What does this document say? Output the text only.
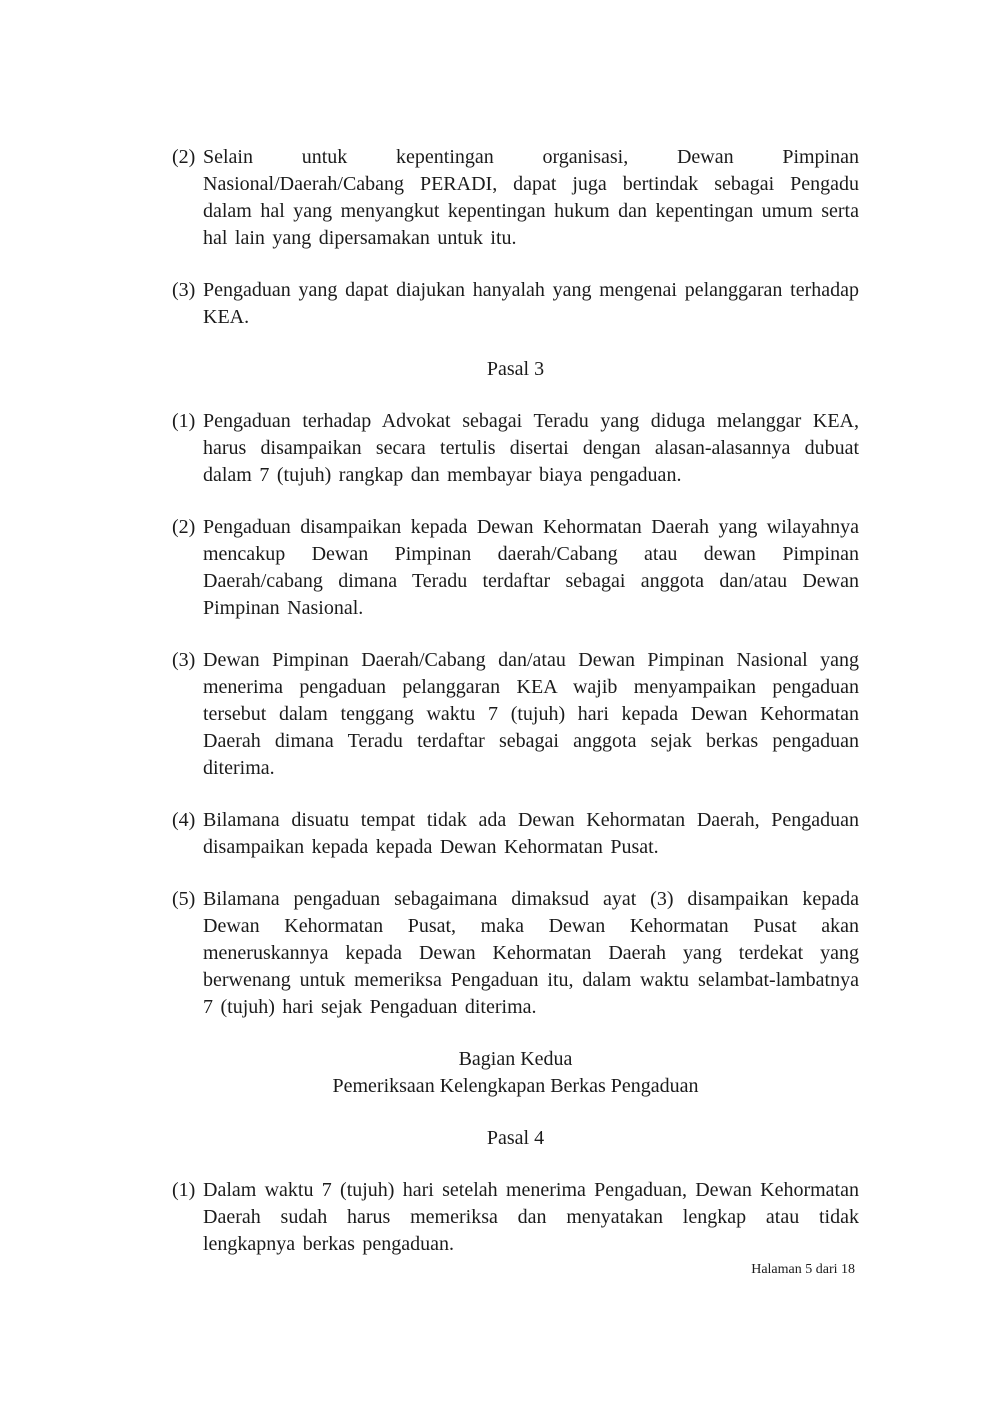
(2) Selain untuk kepentingan organisasi, Dewan Pimpinan Nasional/Daerah/Cabang PERADI, dapat juga bertindak sebagai Pengadu dalam hal yang menyangkut kepentingan hukum dan kepentingan umum serta hal lain yang dipersamakan untuk itu.
(3) Pengaduan yang dapat diajukan hanyalah yang mengenai pelanggaran terhadap KEA.
Pasal 3
(1) Pengaduan terhadap Advokat sebagai Teradu yang diduga melanggar KEA, harus disampaikan secara tertulis disertai dengan alasan-alasannya dubuat dalam 7 (tujuh) rangkap dan membayar biaya pengaduan.
(2) Pengaduan disampaikan kepada Dewan Kehormatan Daerah yang wilayahnya mencakup Dewan Pimpinan daerah/Cabang atau dewan Pimpinan Daerah/cabang dimana Teradu terdaftar sebagai anggota dan/atau Dewan Pimpinan Nasional.
(3) Dewan Pimpinan Daerah/Cabang dan/atau Dewan Pimpinan Nasional yang menerima pengaduan pelanggaran KEA wajib menyampaikan pengaduan tersebut dalam tenggang waktu 7 (tujuh) hari kepada Dewan Kehormatan Daerah dimana Teradu terdaftar sebagai anggota sejak berkas pengaduan diterima.
(4) Bilamana disuatu tempat tidak ada Dewan Kehormatan Daerah, Pengaduan disampaikan kepada kepada Dewan Kehormatan Pusat.
(5) Bilamana pengaduan sebagaimana dimaksud ayat (3) disampaikan kepada Dewan Kehormatan Pusat, maka Dewan Kehormatan Pusat akan meneruskannya kepada Dewan Kehormatan Daerah yang terdekat yang berwenang untuk memeriksa Pengaduan itu, dalam waktu selambat-lambatnya 7 (tujuh) hari sejak Pengaduan diterima.
Bagian Kedua
Pemeriksaan Kelengkapan Berkas Pengaduan
Pasal 4
(1) Dalam waktu 7 (tujuh) hari setelah menerima Pengaduan, Dewan Kehormatan Daerah sudah harus memeriksa dan menyatakan lengkap atau tidak lengkapnya berkas pengaduan.
Halaman 5 dari 18
